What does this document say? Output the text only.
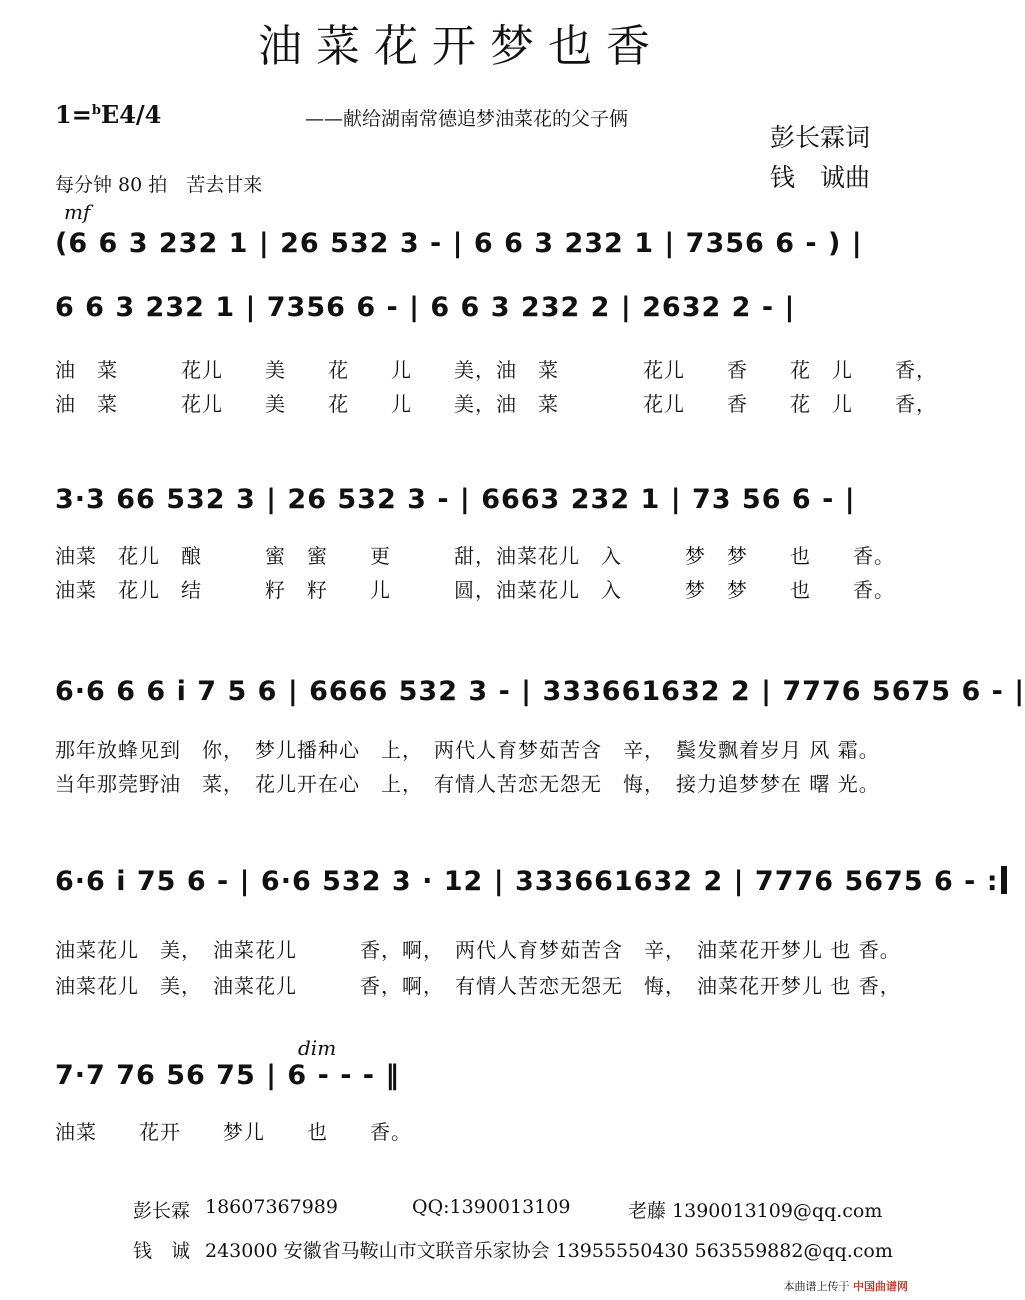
油菜花开梦也香
1=$^b$E4/4	——献给湖南常德追梦油菜花的父子俩
彭长霖词
钱　诚曲
每分钟 80 拍　苦去甘来
mf
(6 6 3 232 1 | 26 532 3 - | 6 6 3 232 1 | 7356 6 - ) |
6 6 3 232 1 | 7356 6 - | 6 6 3 232 2 | 2632 2 - |
油　菜　　　花儿　　美　　花　　儿　　美，油　菜　　　　花儿　　香　　花　儿　　香，
油　菜　　　花儿　　美　　花　　儿　　美，油　菜　　　　花儿　　香　　花　儿　　香，
3·3 66 532 3 | 26 532 3 - | 6663 232 1 | 73 56 6 - |
油菜　花儿　酿　　　蜜　蜜　　更　　　甜，油菜花儿　入　　　梦　梦　　也　　香。
油菜　花儿　结　　　籽　籽　　儿　　　圆，油菜花儿　入　　　梦　梦　　也　　香。
6·6 6 6 i 7 5 6 | 6666 532 3 - | 333661632 2 | 7776 5675 6 - |
那年放蜂见到　你，　梦儿播种心　上，　两代人育梦茹苦含　辛，　鬓发飘着岁月 风 霜。
当年那莞野油　菜，　花儿开在心　上，　有情人苦恋无怨无　悔，　接力追梦梦在 曙 光。
6·6 i 75 6 - | 6·6 532 3 · 12 | 333661632 2 | 7776 5675 6 - :
油菜花儿　美，　油菜花儿　　　香，啊，　两代人育梦茹苦含　辛，　油菜花开梦儿 也 香。
油菜花儿　美，　油菜花儿　　　香，啊，　有情人苦恋无怨无　悔，　油菜花开梦儿 也 香，
dim
7·7 76 56 75 | 6 - - - ‖
油菜　　花开　　梦儿　　也　　香。
彭长霖 18607367989	QQ:1390013109	老藤 1390013109@qq.com
钱　诚 243000 安徽省马鞍山市文联音乐家协会 13955550430 563559882@qq.com
本曲谱上传于 中国曲谱网
